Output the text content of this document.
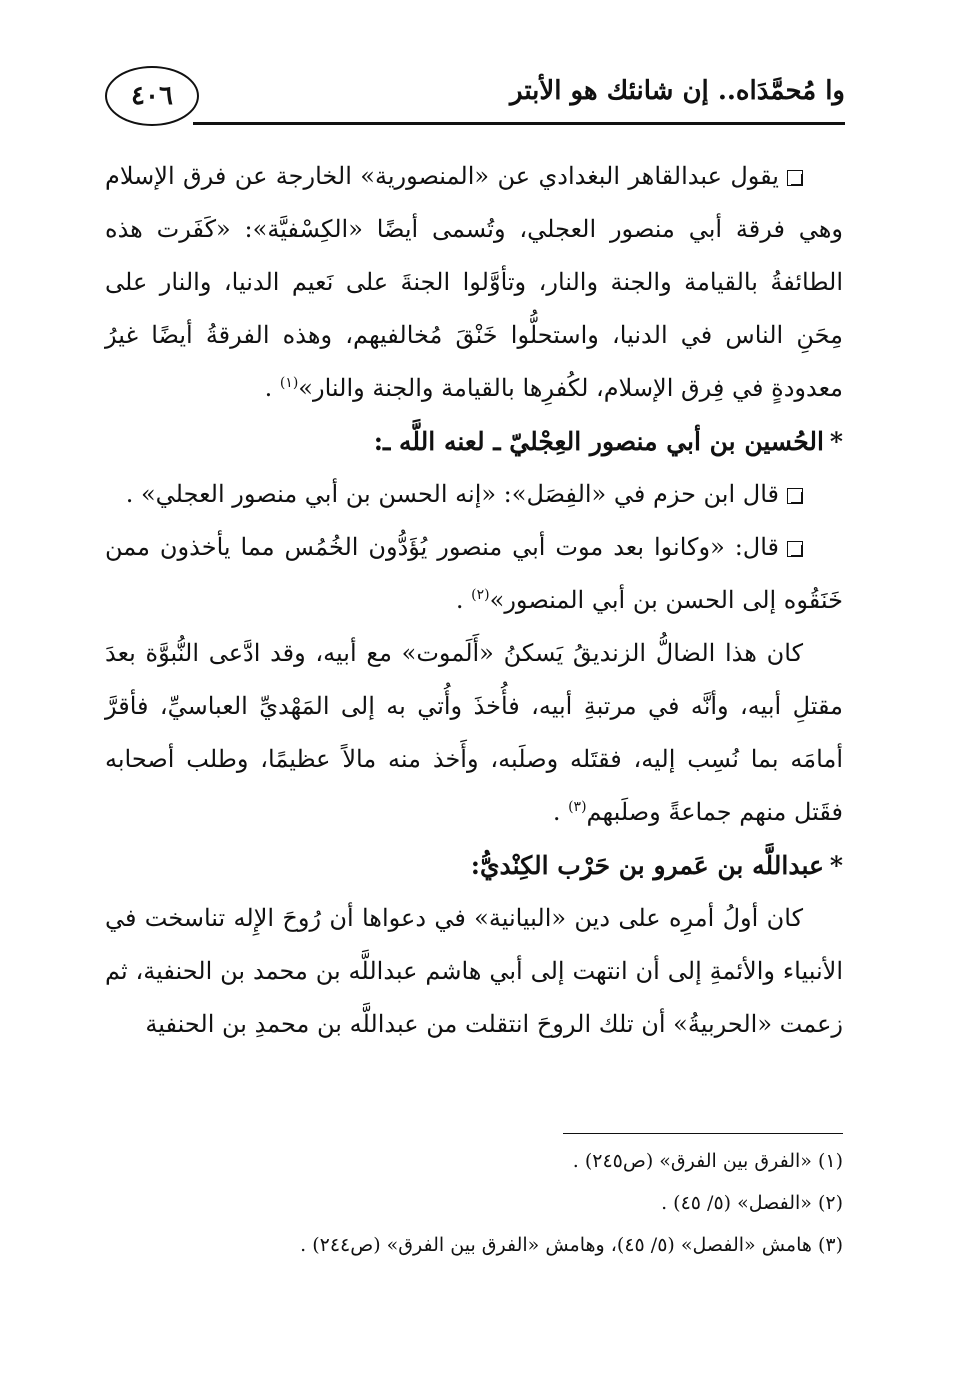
٤٠٦	وا مُحمَّدَاه.. إن شانئك هو الأبتر

يقول عبدالقاهر البغدادي عن «المنصورية» الخارجة عن فرق الإسلام وهي فرقة أبي منصور العجلي، وتُسمى أيضًا «الكِسْفيَّة»: «كَفَرت هذه الطائفةُ بالقيامة والجنة والنار، وتأوَّلوا الجنةَ على نَعيم الدنيا، والنار على مِحَنِ الناس في الدنيا، واستحلُّوا خَنْقَ مُخالفيهم، وهذه الفرقةُ أيضًا غيرُ معدودةٍ في فِرق الإسلام، لكُفرِها بالقيامة والجنة والنار»$^{(١)}$ .

*الحُسين بن أبي منصور العِجْليّ ـ لعنه اللَّه ـ:

قال ابن حزم في «الفِصَل»: «إنه الحسن بن أبي منصور العجلي» .

قال: «وكانوا بعد موت أبي منصور يُؤَدُّون الخُمُس مما يأخذون ممن خَنَقُوه إلى الحسن بن أبي المنصور»$^{(٢)}$ .

كان هذا الضالُّ الزنديقُ يَسكنُ «أَلَموت» مع أبيه، وقد ادَّعى النُّبوَّة بعدَ مقتلِ أبيه، وأنَّه في مرتبةِ أبيه، فأُخذَ وأُتي به إلى المَهْديِّ العباسيِّ، فأقرَّ أمامَه بما نُسِب إليه، فقتَله وصلَبه، وأَخذ منه مالاً عظيمًا، وطلب أصحابه فقَتل منهم جماعةً وصلَبهم$^{(٣)}$ .

*عبداللَّه بن عَمرو بن حَرْب الكِنْديُّ:

كان أولُ أمرِه على دين «البيانية» في دعواها أن رُوحَ الإِله تناسخت في الأنبياء والأئمةِ إلى أن انتهت إلى أبي هاشم عبداللَّه بن محمد بن الحنفية، ثم زعمت «الحربيةُ» أن تلك الروحَ انتقلت من عبداللَّه بن محمدِ بن الحنفية

(١) «الفرق بين الفرق» (ص٢٤٥) .

(٢) «الفصل» (٥/ ٤٥) .

(٣) هامش «الفصل» (٥/ ٤٥)، وهامش «الفرق بين الفرق» (ص٢٤٤) .
